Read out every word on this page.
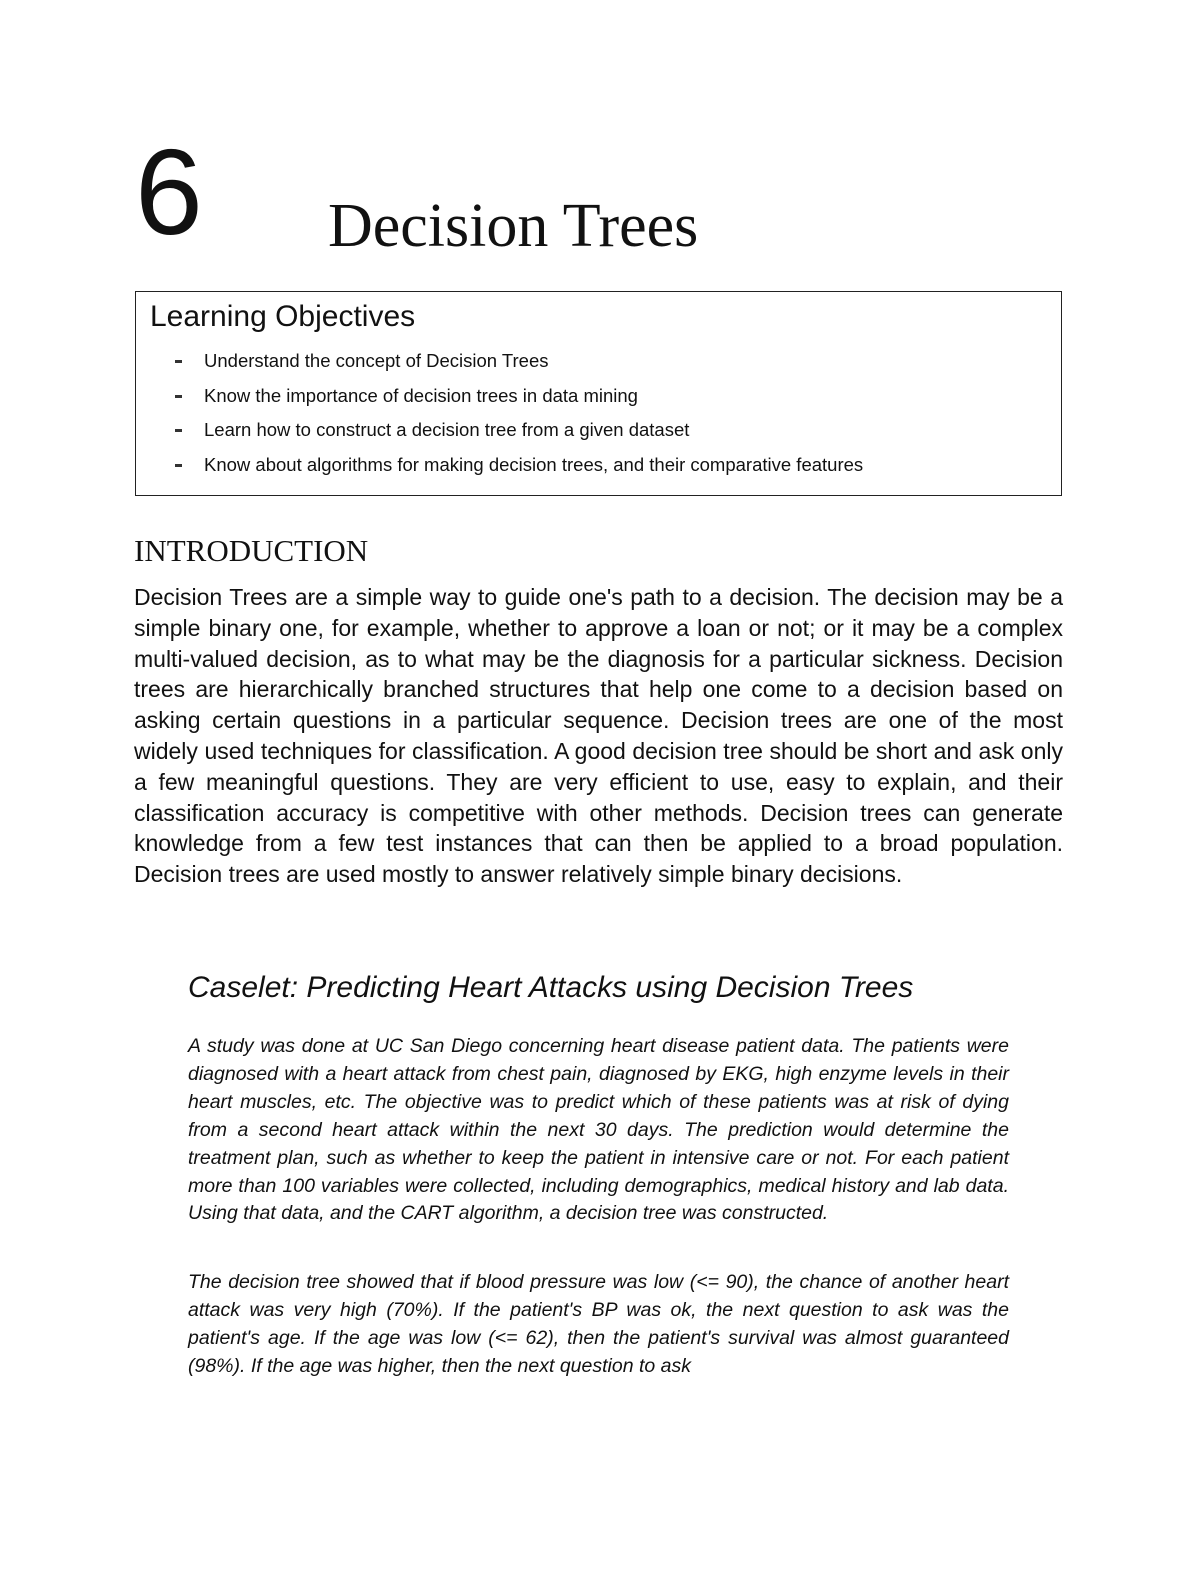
6 Decision Trees
Learning Objectives
Understand the concept of Decision Trees
Know the importance of decision trees in data mining
Learn how to construct a decision tree from a given dataset
Know about algorithms for making decision trees, and their comparative features
INTRODUCTION

Decision Trees are a simple way to guide one's path to a decision. The decision may be a simple binary one, for example, whether to approve a loan or not; or it may be a complex multi-valued decision, as to what may be the diagnosis for a particular sickness. Decision trees are hierarchically branched structures that help one come to a decision based on asking certain questions in a particular sequence. Decision trees are one of the most widely used techniques for classification. A good decision tree should be short and ask only a few meaningful questions. They are very efficient to use, easy to explain, and their classification accuracy is competitive with other methods. Decision trees can generate knowledge from a few test instances that can then be applied to a broad population. Decision trees are used mostly to answer relatively simple binary decisions.

Caselet: Predicting Heart Attacks using Decision Trees

A study was done at UC San Diego concerning heart disease patient data. The patients were diagnosed with a heart attack from chest pain, diagnosed by EKG, high enzyme levels in their heart muscles, etc. The objective was to predict which of these patients was at risk of dying from a second heart attack within the next 30 days. The prediction would determine the treatment plan, such as whether to keep the patient in intensive care or not. For each patient more than 100 variables were collected, including demographics, medical history and lab data. Using that data, and the CART algorithm, a decision tree was constructed.

The decision tree showed that if blood pressure was low (<= 90), the chance of another heart attack was very high (70%). If the patient's BP was ok, the next question to ask was the patient's age. If the age was low (<= 62), then the patient's survival was almost guaranteed (98%). If the age was higher, then the next question to ask
